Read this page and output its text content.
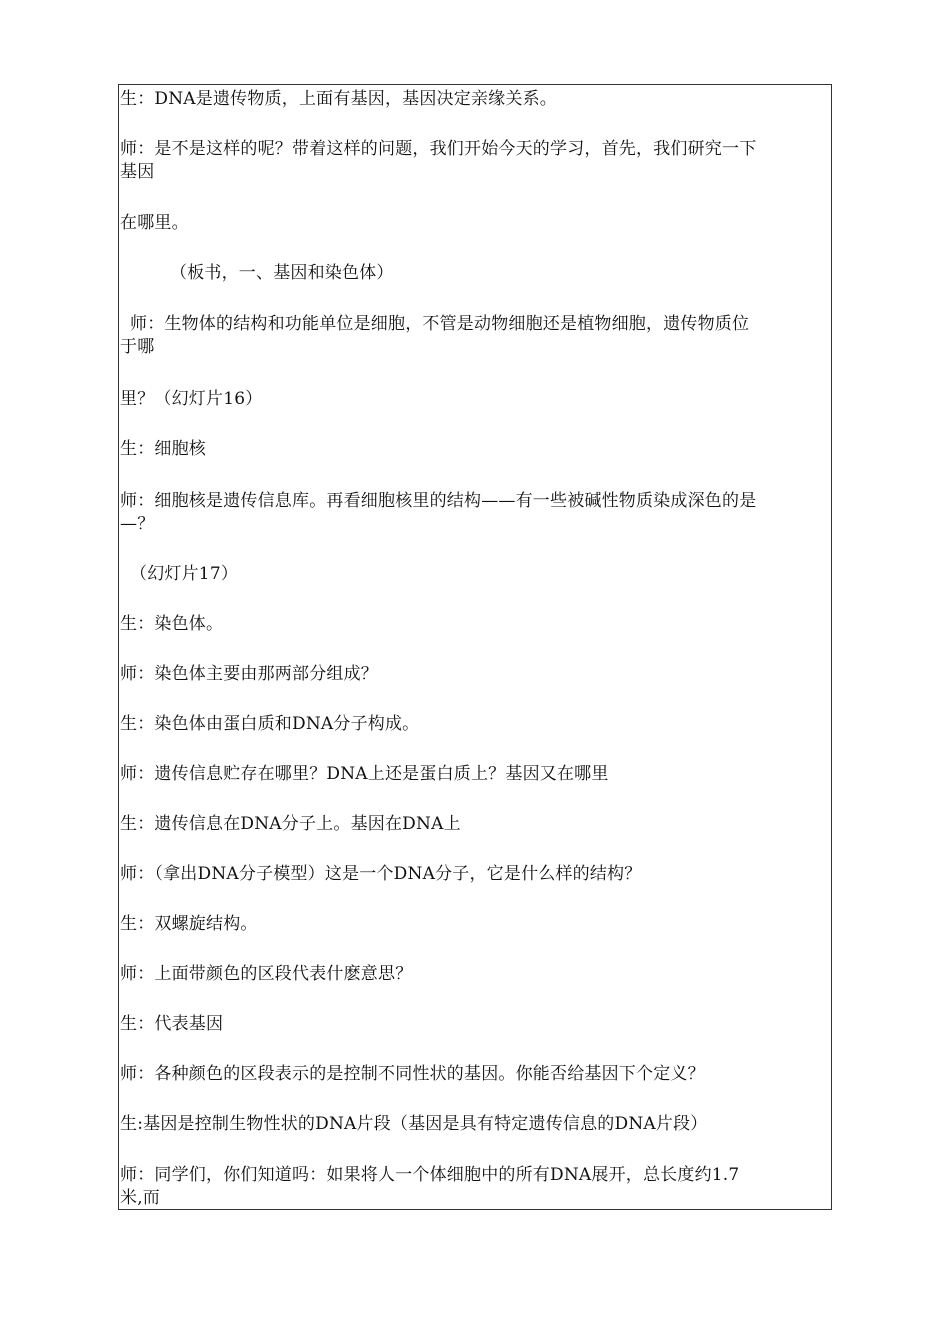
生：DNA是遗传物质，上面有基因，基因决定亲缘关系。
师：是不是这样的呢？带着这样的问题，我们开始今天的学习，首先，我们研究一下
基因
在哪里。
（板书，一、基因和染色体）
师：生物体的结构和功能单位是细胞，不管是动物细胞还是植物细胞，遗传物质位
于哪
里？（幻灯片16）
生：细胞核
师：细胞核是遗传信息库。再看细胞核里的结构——有一些被碱性物质染成深色的是
—？
（幻灯片17）
生：染色体。
师：染色体主要由那两部分组成？
生：染色体由蛋白质和DNA分子构成。
师：遗传信息贮存在哪里？DNA上还是蛋白质上？基因又在哪里
生：遗传信息在DNA分子上。基因在DNA上
师：（拿出DNA分子模型）这是一个DNA分子，它是什么样的结构？
生：双螺旋结构。
师：上面带颜色的区段代表什麽意思？
生：代表基因
师：各种颜色的区段表示的是控制不同性状的基因。你能否给基因下个定义？
生:基因是控制生物性状的DNA片段（基因是具有特定遗传信息的DNA片段）
师：同学们，你们知道吗：如果将人一个体细胞中的所有DNA展开，总长度约1.7
米,而
